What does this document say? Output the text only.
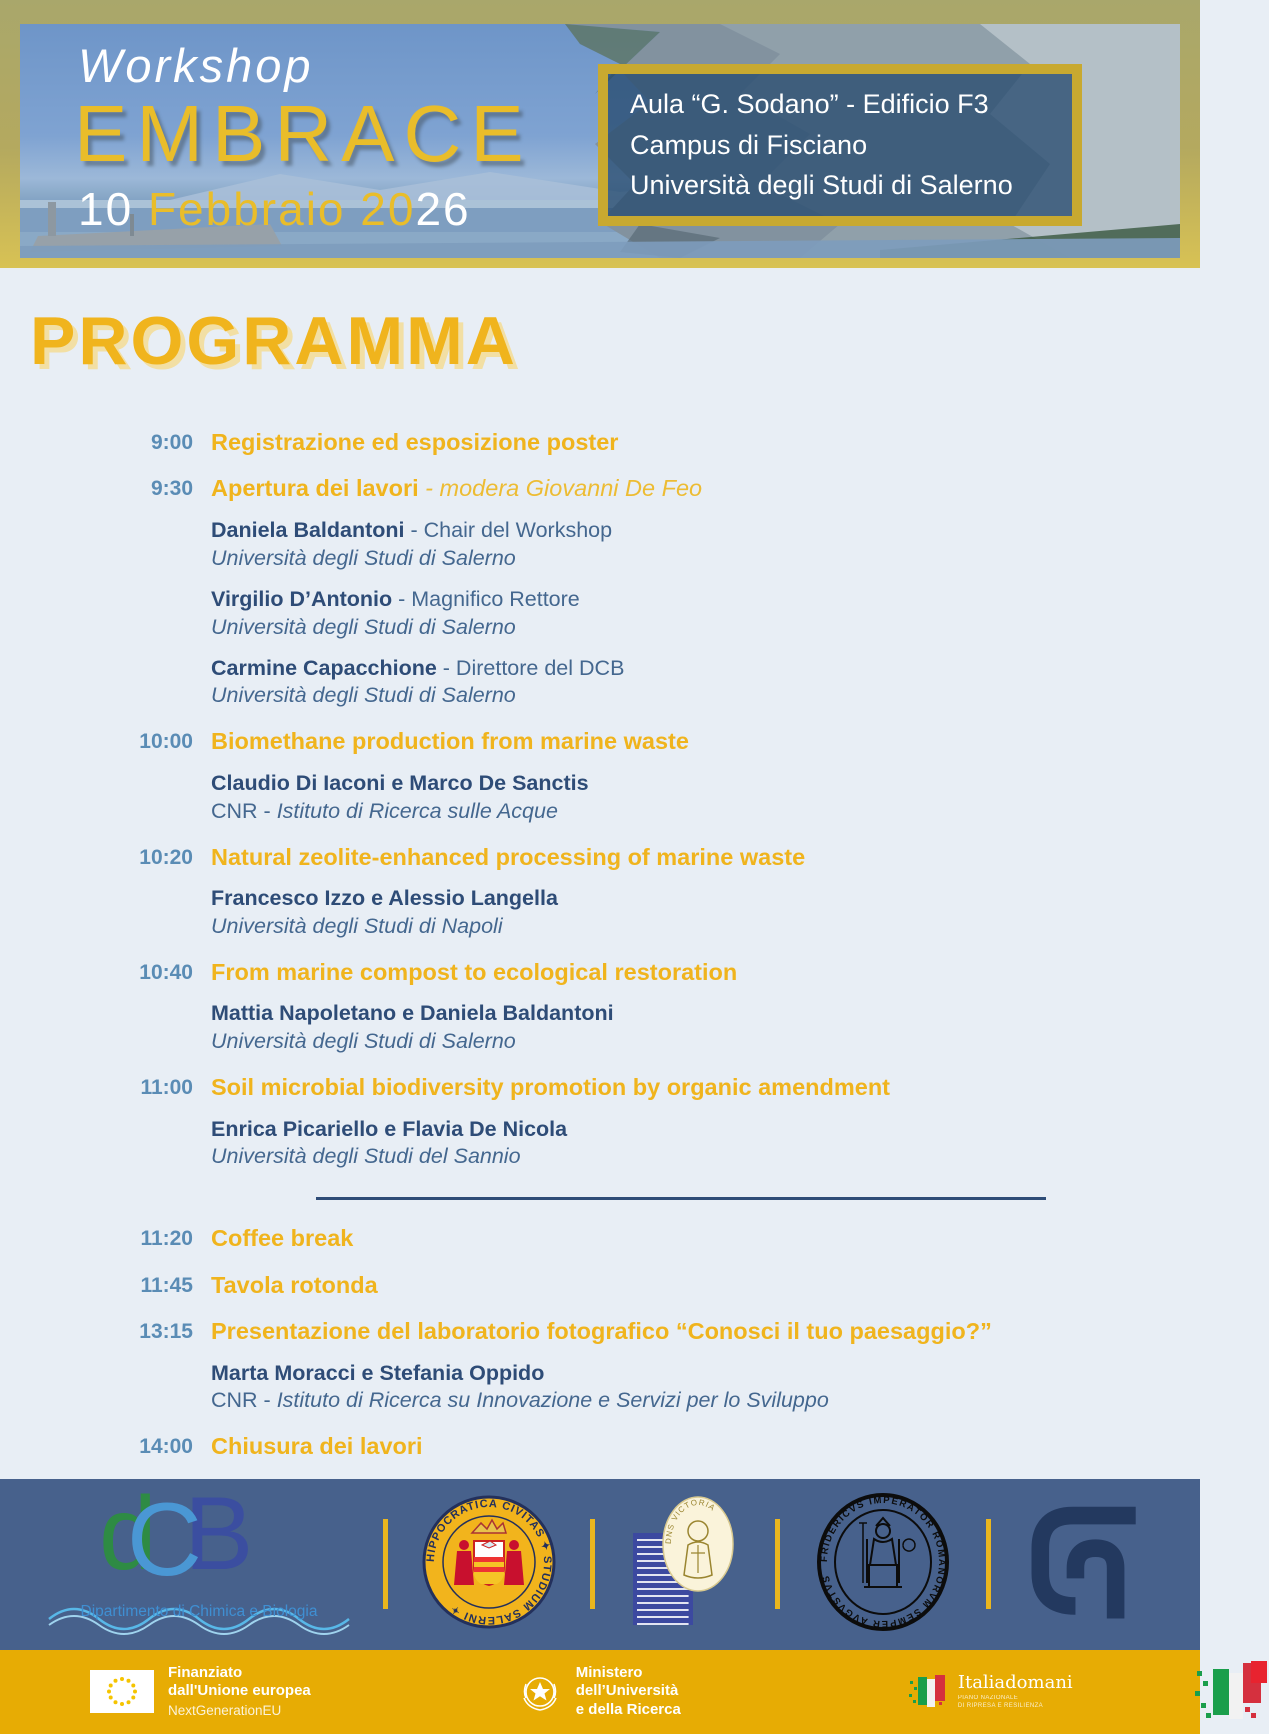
Workshop
EMBRACE
10 Febbraio 2026
Aula “G. Sodano” - Edificio F3
Campus di Fisciano
Università degli Studi di Salerno
PROGRAMMA
9:00 Registrazione ed esposizione poster
9:30 Apertura dei lavori - modera Giovanni De Feo
Daniela Baldantoni - Chair del Workshop
Università degli Studi di Salerno
Virgilio D’Antonio - Magnifico Rettore
Università degli Studi di Salerno
Carmine Capacchione - Direttore del DCB
Università degli Studi di Salerno
10:00 Biomethane production from marine waste
Claudio Di Iaconi e Marco De Sanctis
CNR - Istituto di Ricerca sulle Acque
10:20 Natural zeolite-enhanced processing of marine waste
Francesco Izzo e Alessio Langella
Università degli Studi di Napoli
10:40 From marine compost to ecological restoration
Mattia Napoletano e Daniela Baldantoni
Università degli Studi di Salerno
11:00 Soil microbial biodiversity promotion by organic amendment
Enrica Picariello e Flavia De Nicola
Università degli Studi del Sannio
11:20 Coffee break
11:45 Tavola rotonda
13:15 Presentazione del laboratorio fotografico “Conosci il tuo paesaggio?”
Marta Moracci e Stefania Oppido
CNR - Istituto di Ricerca su Innovazione e Servizi per lo Sviluppo
14:00 Chiusura dei lavori
dCB
Dipartimento di Chimica e Biologia
HIPPOCRATICA CIVITAS ✦ STUDIUM SALERNI ✦
DNS VICTORIA
FRIDERICVS IMPERATOR ROMANORVM SEMPER AVGVSTVS
Finanziato
dall'Unione europea
NextGenerationEU
Ministero
dell’Università
e della Ricerca
Italiadomani
PIANO NAZIONALE
DI RIPRESA E RESILIENZA
